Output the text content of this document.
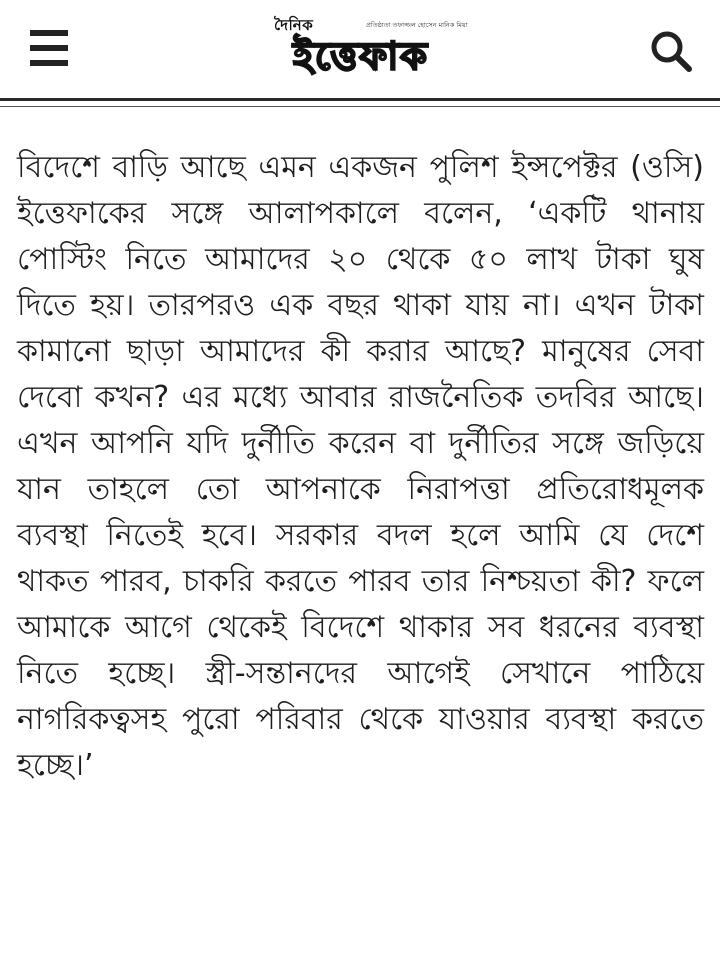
দৈনিক	প্রতিষ্ঠাতা তফাজ্জল হোসেন মানিক মিয়া
ইত্তেফাক
বিদেশে বাড়ি আছে এমন একজন পুলিশ ইন্সপেক্টর (ওসি) ইত্তেফাকের সঙ্গে আলাপকালে বলেন, ‘একটি থানায় পোস্টিং নিতে আমাদের ২০ থেকে ৫০ লাখ টাকা ঘুষ দিতে হয়। তারপরও এক বছর থাকা যায় না। এখন টাকা কামানো ছাড়া আমাদের কী করার আছে? মানুষের সেবা দেবো কখন? এর মধ্যে আবার রাজনৈতিক তদবির আছে। এখন আপনি যদি দুর্নীতি করেন বা দুর্নীতির সঙ্গে জড়িয়ে যান তাহলে তো আপনাকে নিরাপত্তা প্রতিরোধমূলক ব্যবস্থা নিতেই হবে। সরকার বদল হলে আমি যে দেশে থাকত পারব, চাকরি করতে পারব তার নিশ্চয়তা কী? ফলে আমাকে আগে থেকেই বিদেশে থাকার সব ধরনের ব্যবস্থা নিতে হচ্ছে। স্ত্রী-সন্তানদের আগেই সেখানে পাঠিয়ে নাগরিকত্বসহ পুরো পরিবার থেকে যাওয়ার ব্যবস্থা করতে হচ্ছে।’
